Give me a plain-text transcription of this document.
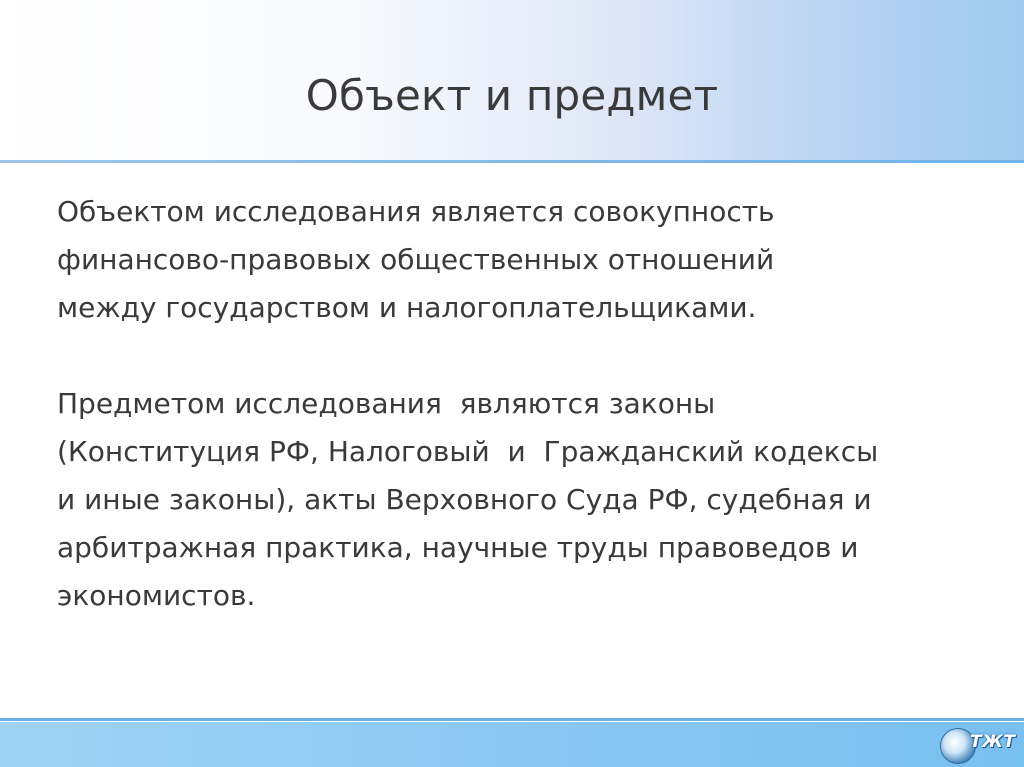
Объект и предмет
Объектом исследования является совокупность
финансово-правовых общественных отношений
между государством и налогоплательщиками.
Предметом исследования  являются законы
(Конституция РФ, Налоговый  и  Гражданский кодексы
и иные законы), акты Верховного Суда РФ, судебная и
арбитражная практика, научные труды правоведов и
экономистов.
ТЖТ
